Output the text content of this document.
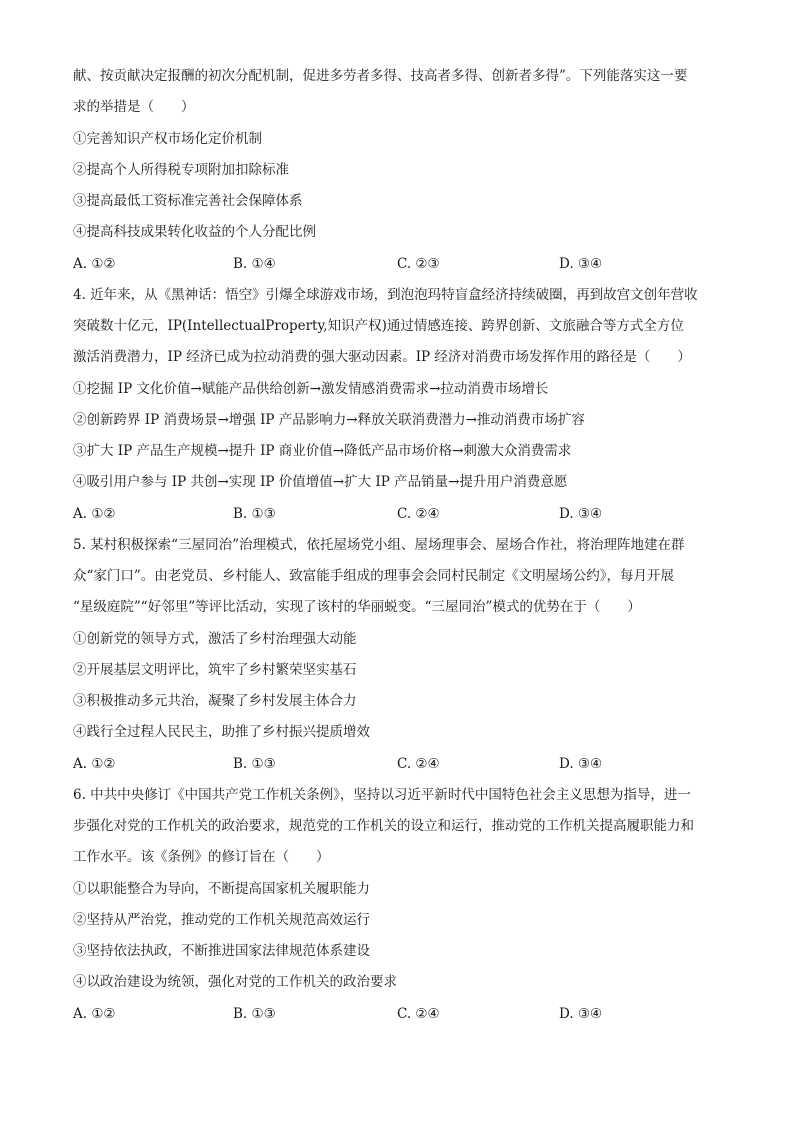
献、按贡献决定报酬的初次分配机制，促进多劳者多得、技高者多得、创新者多得”。下列能落实这一要
求的举措是（　　）
①完善知识产权市场化定价机制
②提高个人所得税专项附加扣除标准
③提高最低工资标准完善社会保障体系
④提高科技成果转化收益的个人分配比例
A. ①②	B. ①④	C. ②③	D. ③④
4. 近年来，从《黑神话：悟空》引爆全球游戏市场，到泡泡玛特盲盒经济持续破圈，再到故宫文创年营收
突破数十亿元，IP(IntellectualProperty,知识产权)通过情感连接、跨界创新、文旅融合等方式全方位
激活消费潜力，IP 经济已成为拉动消费的强大驱动因素。IP 经济对消费市场发挥作用的路径是（　　）
①挖掘 IP 文化价值→赋能产品供给创新→激发情感消费需求→拉动消费市场增长
②创新跨界 IP 消费场景→增强 IP 产品影响力→释放关联消费潜力→推动消费市场扩容
③扩大 IP 产品生产规模→提升 IP 商业价值→降低产品市场价格→刺激大众消费需求
④吸引用户参与 IP 共创→实现 IP 价值增值→扩大 IP 产品销量→提升用户消费意愿
A. ①②	B. ①③	C. ②④	D. ③④
5. 某村积极探索“三屋同治”治理模式，依托屋场党小组、屋场理事会、屋场合作社，将治理阵地建在群
众“家门口”。由老党员、乡村能人、致富能手组成的理事会会同村民制定《文明屋场公约》，每月开展
“星级庭院”“好邻里”等评比活动，实现了该村的华丽蜕变。“三屋同治”模式的优势在于（　　）
①创新党的领导方式，激活了乡村治理强大动能
②开展基层文明评比，筑牢了乡村繁荣坚实基石
③积极推动多元共治，凝聚了乡村发展主体合力
④践行全过程人民民主，助推了乡村振兴提质增效
A. ①②	B. ①③	C. ②④	D. ③④
6. 中共中央修订《中国共产党工作机关条例》，坚持以习近平新时代中国特色社会主义思想为指导，进一
步强化对党的工作机关的政治要求，规范党的工作机关的设立和运行，推动党的工作机关提高履职能力和
工作水平。该《条例》的修订旨在（　　）
①以职能整合为导向，不断提高国家机关履职能力
②坚持从严治党，推动党的工作机关规范高效运行
③坚持依法执政，不断推进国家法律规范体系建设
④以政治建设为统领，强化对党的工作机关的政治要求
A. ①②	B. ①③	C. ②④	D. ③④
